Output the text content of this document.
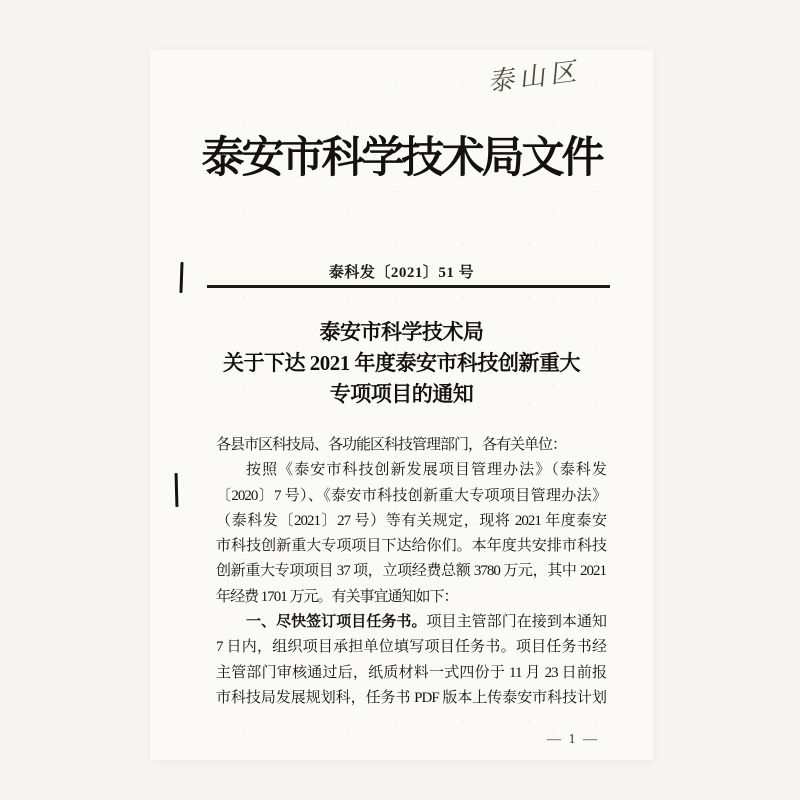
泰山区
泰安市科学技术局文件
泰科发〔2021〕51 号
泰安市科学技术局
关于下达 2021 年度泰安市科技创新重大
专项项目的通知
各县市区科技局、各功能区科技管理部门，各有关单位：
按照《泰安市科技创新发展项目管理办法》（泰科发
〔2020〕7 号）、《泰安市科技创新重大专项项目管理办法》
（泰科发〔2021〕27 号）等有关规定，现将 2021 年度泰安
市科技创新重大专项项目下达给你们。本年度共安排市科技
创新重大专项项目 37 项，立项经费总额 3780 万元，其中 2021
年经费 1701 万元。有关事宜通知如下：
一、尽快签订项目任务书。项目主管部门在接到本通知
7 日内，组织项目承担单位填写项目任务书。项目任务书经
主管部门审核通过后，纸质材料一式四份于 11 月 23 日前报
市科技局发展规划科，任务书 PDF 版本上传泰安市科技计划
— 1 —
